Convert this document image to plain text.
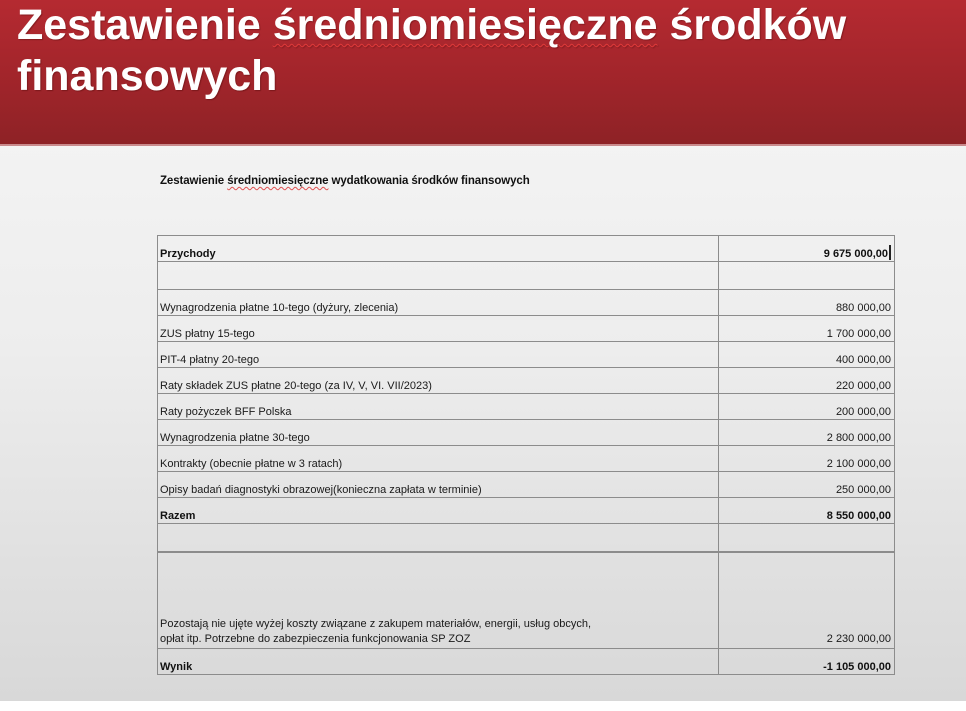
Zestawienie średniomiesięczne środków
finansowych
Zestawienie średniomiesięczne wydatkowania środków finansowych
Przychody	9 675 000,00

Wynagrodzenia płatne 10-tego (dyżury, zlecenia)	880 000,00
ZUS płatny 15-tego	1 700 000,00
PIT-4 płatny 20-tego	400 000,00
Raty składek ZUS płatne 20-tego (za IV, V, VI. VII/2023)	220 000,00
Raty pożyczek BFF Polska	200 000,00
Wynagrodzenia płatne 30-tego	2 800 000,00
Kontrakty (obecnie płatne w 3 ratach)	2 100 000,00
Opisy badań diagnostyki obrazowej(konieczna zapłata w terminie)	250 000,00
Razem	8 550 000,00

Pozostają nie ujęte wyżej koszty związane z zakupem materiałów, energii, usług obcych,
opłat itp. Potrzebne do zabezpieczenia funkcjonowania SP ZOZ	2 230 000,00
Wynik	-1 105 000,00
